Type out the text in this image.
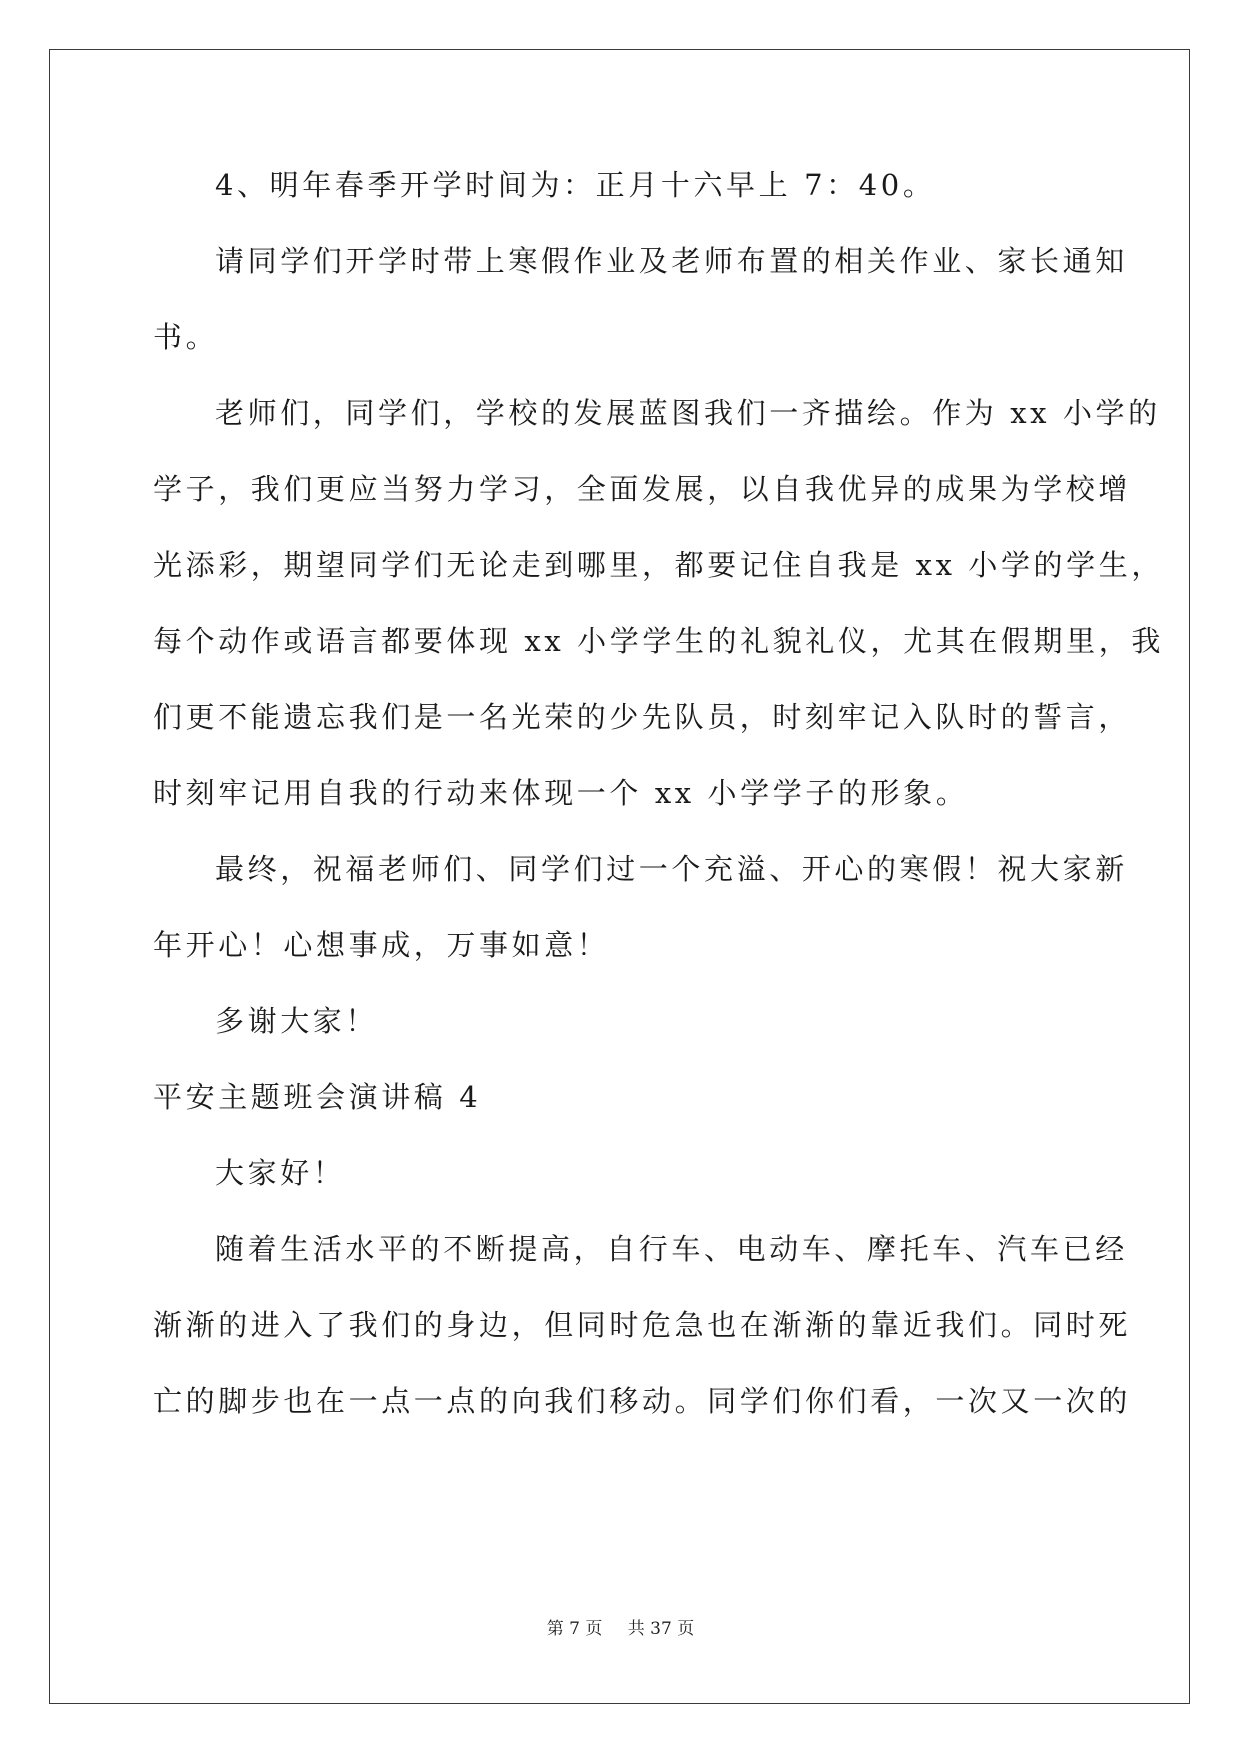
4、明年春季开学时间为：正月十六早上 7：40。
请同学们开学时带上寒假作业及老师布置的相关作业、家长通知
书。
老师们，同学们，学校的发展蓝图我们一齐描绘。作为 xx 小学的
学子，我们更应当努力学习，全面发展，以自我优异的成果为学校增
光添彩，期望同学们无论走到哪里，都要记住自我是 xx 小学的学生，
每个动作或语言都要体现 xx 小学学生的礼貌礼仪，尤其在假期里，我
们更不能遗忘我们是一名光荣的少先队员，时刻牢记入队时的誓言，
时刻牢记用自我的行动来体现一个 xx 小学学子的形象。
最终，祝福老师们、同学们过一个充溢、开心的寒假！祝大家新
年开心！心想事成，万事如意！
多谢大家！
平安主题班会演讲稿 4
大家好！
随着生活水平的不断提高，自行车、电动车、摩托车、汽车已经
渐渐的进入了我们的身边，但同时危急也在渐渐的靠近我们。同时死
亡的脚步也在一点一点的向我们移动。同学们你们看，一次又一次的
第 7 页 共 37 页
